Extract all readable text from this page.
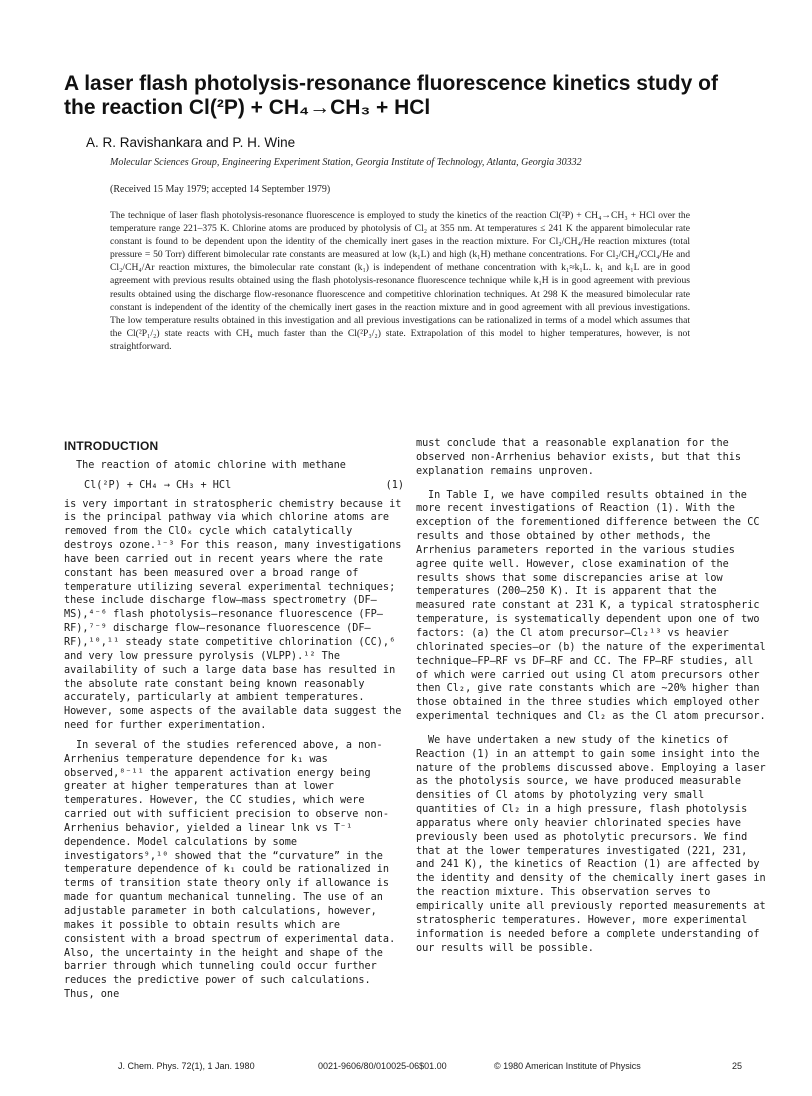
A laser flash photolysis-resonance fluorescence kinetics study of the reaction Cl(²P) + CH₄→CH₃ + HCl
A. R. Ravishankara and P. H. Wine
Molecular Sciences Group, Engineering Experiment Station, Georgia Institute of Technology, Atlanta, Georgia 30332
(Received 15 May 1979; accepted 14 September 1979)

The technique of laser flash photolysis-resonance fluorescence is employed to study the kinetics of the reaction Cl(²P) + CH₄→CH₃ + HCl over the temperature range 221–375 K. Chlorine atoms are produced by photolysis of Cl₂ at 355 nm. At temperatures ≤ 241 K the apparent bimolecular rate constant is found to be dependent upon the identity of the chemically inert gases in the reaction mixture. For Cl₂/CH₄/He reaction mixtures (total pressure = 50 Torr) different bimolecular rate constants are measured at low (k₁L) and high (k₁H) methane concentrations. For Cl₂/CH₄/CCl₄/He and Cl₂/CH₄/Ar reaction mixtures, the bimolecular rate constant (k₁) is independent of methane concentration with k₁≈k₁L. k₁ and k₁L are in good agreement with previous results obtained using the flash photolysis-resonance fluorescence technique while k₁H is in good agreement with previous results obtained using the discharge flow-resonance fluorescence and competitive chlorination techniques. At 298 K the measured bimolecular rate constant is independent of the identity of the chemically inert gases in the reaction mixture and in good agreement with all previous investigations. The low temperature results obtained in this investigation and all previous investigations can be rationalized in terms of a model which assumes that the Cl(²P₁/₂) state reacts with CH₄ much faster than the Cl(²P₃/₂) state. Extrapolation of this model to higher temperatures, however, is not straightforward.

INTRODUCTION

The reaction of atomic chlorine with methane

Cl(²P) + CH₄ → CH₃ + HCl	(1)

is very important in stratospheric chemistry because it is the principal pathway via which chlorine atoms are removed from the ClOₓ cycle which catalytically destroys ozone.¹⁻³ For this reason, many investigations have been carried out in recent years where the rate constant has been measured over a broad range of temperature utilizing several experimental techniques; these include discharge flow–mass spectrometry (DF–MS),⁴⁻⁶ flash photolysis–resonance fluorescence (FP–RF),⁷⁻⁹ discharge flow–resonance fluorescence (DF–RF),¹⁰,¹¹ steady state competitive chlorination (CC),⁶ and very low pressure pyrolysis (VLPP).¹² The availability of such a large data base has resulted in the absolute rate constant being known reasonably accurately, particularly at ambient temperatures. However, some aspects of the available data suggest the need for further experimentation.

In several of the studies referenced above, a non-Arrhenius temperature dependence for k₁ was observed,⁸⁻¹¹ the apparent activation energy being greater at higher temperatures than at lower temperatures. However, the CC studies, which were carried out with sufficient precision to observe non-Arrhenius behavior, yielded a linear lnk vs T⁻¹ dependence. Model calculations by some investigators⁹,¹⁰ showed that the “curvature” in the temperature dependence of k₁ could be rationalized in terms of transition state theory only if allowance is made for quantum mechanical tunneling. The use of an adjustable parameter in both calculations, however, makes it possible to obtain results which are consistent with a broad spectrum of experimental data. Also, the uncertainty in the height and shape of the barrier through which tunneling could occur further reduces the predictive power of such calculations. Thus, one

must conclude that a reasonable explanation for the observed non-Arrhenius behavior exists, but that this explanation remains unproven.

In Table I, we have compiled results obtained in the more recent investigations of Reaction (1). With the exception of the forementioned difference between the CC results and those obtained by other methods, the Arrhenius parameters reported in the various studies agree quite well. However, close examination of the results shows that some discrepancies arise at low temperatures (200–250 K). It is apparent that the measured rate constant at 231 K, a typical stratospheric temperature, is systematically dependent upon one of two factors: (a) the Cl atom precursor—Cl₂¹³ vs heavier chlorinated species—or (b) the nature of the experimental technique—FP–RF vs DF–RF and CC. The FP–RF studies, all of which were carried out using Cl atom precursors other then Cl₂, give rate constants which are ~20% higher than those obtained in the three studies which employed other experimental techniques and Cl₂ as the Cl atom precursor.

We have undertaken a new study of the kinetics of Reaction (1) in an attempt to gain some insight into the nature of the problems discussed above. Employing a laser as the photolysis source, we have produced measurable densities of Cl atoms by photolyzing very small quantities of Cl₂ in a high pressure, flash photolysis apparatus where only heavier chlorinated species have previously been used as photolytic precursors. We find that at the lower temperatures investigated (221, 231, and 241 K), the kinetics of Reaction (1) are affected by the identity and density of the chemically inert gases in the reaction mixture. This observation serves to empirically unite all previously reported measurements at stratospheric temperatures. However, more experimental information is needed before a complete understanding of our results will be possible.

J. Chem. Phys. 72(1), 1 Jan. 1980	0021-9606/80/010025-06$01.00	© 1980 American Institute of Physics	25
